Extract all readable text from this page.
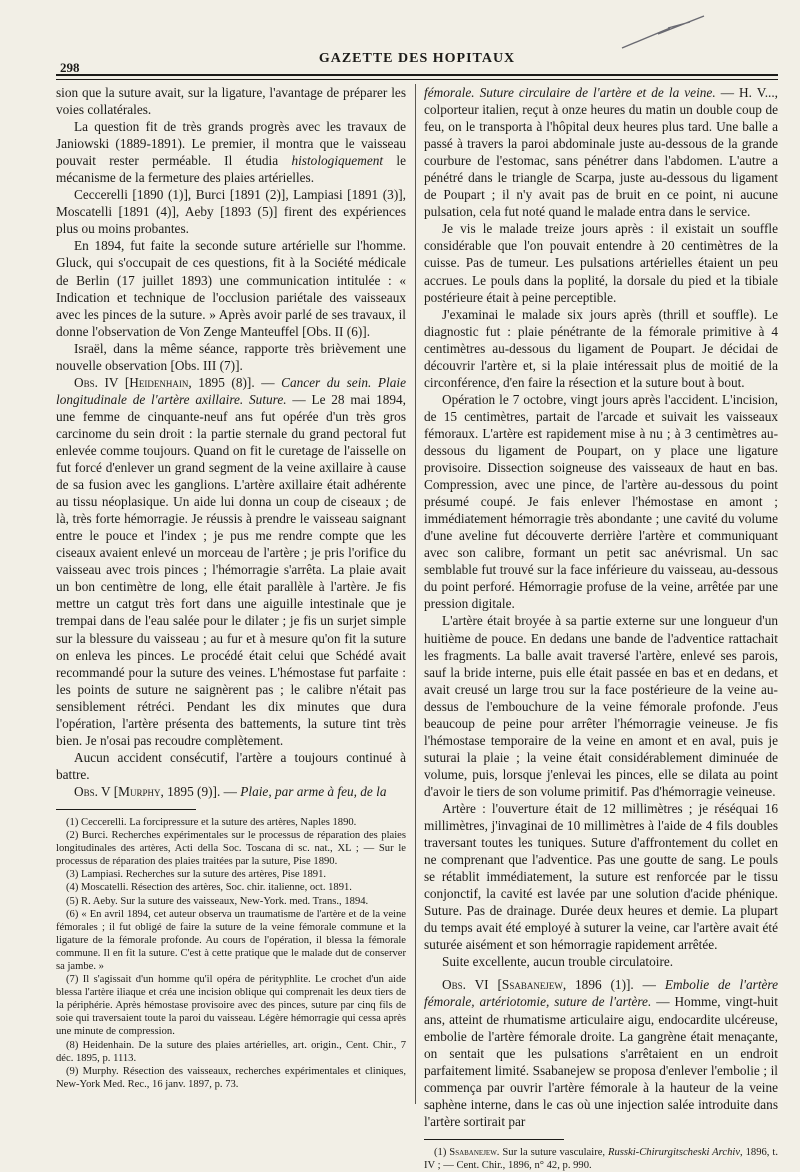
298
GAZETTE DES HOPITAUX

sion que la suture avait, sur la ligature, l'avantage de préparer les voies collatérales.

La question fit de très grands progrès avec les travaux de Janiowski (1889-1891). Le premier, il montra que le vaisseau pouvait rester perméable. Il étudia histologiquement le mécanisme de la fermeture des plaies artérielles.

Ceccerelli [1890 (1)], Burci [1891 (2)], Lampiasi [1891 (3)], Moscatelli [1891 (4)], Aeby [1893 (5)] firent des expériences plus ou moins probantes.

En 1894, fut faite la seconde suture artérielle sur l'homme. Gluck, qui s'occupait de ces questions, fit à la Société médicale de Berlin (17 juillet 1893) une communication intitulée : « Indication et technique de l'occlusion pariétale des vaisseaux avec les pinces de la suture. » Après avoir parlé de ses travaux, il donne l'observation de Von Zenge Manteuffel [Obs. II (6)].

Israël, dans la même séance, rapporte très brièvement une nouvelle observation [Obs. III (7)].

Obs. IV [Heidenhain, 1895 (8)]. — Cancer du sein. Plaie longitudinale de l'artère axillaire. Suture. — Le 28 mai 1894, une femme de cinquante-neuf ans fut opérée d'un très gros carcinome du sein droit : la partie sternale du grand pectoral fut enlevée comme toujours. Quand on fit le curetage de l'aisselle on fut forcé d'enlever un grand segment de la veine axillaire à cause de sa fusion avec les ganglions. L'artère axillaire était adhérente au tissu néoplasique. Un aide lui donna un coup de ciseaux ; de là, très forte hémorragie. Je réussis à prendre le vaisseau saignant entre le pouce et l'index ; je pus me rendre compte que les ciseaux avaient enlevé un morceau de l'artère ; je pris l'orifice du vaisseau avec trois pinces ; l'hémorragie s'arrêta. La plaie avait un bon centimètre de long, elle était parallèle à l'artère. Je fis mettre un catgut très fort dans une aiguille intestinale que je trempai dans de l'eau salée pour le dilater ; je fis un surjet simple sur la blessure du vaisseau ; au fur et à mesure qu'on fit la suture on enleva les pinces. Le procédé était celui que Schédé avait recommandé pour la suture des veines. L'hémostase fut parfaite : les points de suture ne saignèrent pas ; le calibre n'était pas sensiblement rétréci. Pendant les dix minutes que dura l'opération, l'artère présenta des battements, la suture tint très bien. Je n'osai pas recoudre complètement.

Aucun accident consécutif, l'artère a toujours continué à battre.

Obs. V [Murphy, 1895 (9)]. — Plaie, par arme à feu, de la

(1) Ceccerelli. La forcipressure et la suture des artères, Naples 1890.

(2) Burci. Recherches expérimentales sur le processus de réparation des plaies longitudinales des artères, Acti della Soc. Toscana di sc. nat., XL ; — Sur le processus de réparation des plaies traitées par la suture, Pise 1890.

(3) Lampiasi. Recherches sur la suture des artères, Pise 1891.

(4) Moscatelli. Résection des artères, Soc. chir. italienne, oct. 1891.

(5) R. Aeby. Sur la suture des vaisseaux, New-York. med. Trans., 1894.

(6) « En avril 1894, cet auteur observa un traumatisme de l'artère et de la veine fémorales ; il fut obligé de faire la suture de la veine fémorale commune et la ligature de la fémorale profonde. Au cours de l'opération, il blessa la fémorale commune. Il en fit la suture. C'est à cette pratique que le malade dut de conserver sa jambe. »

(7) Il s'agissait d'un homme qu'il opéra de pérityphlite. Le crochet d'un aide blessa l'artère iliaque et créa une incision oblique qui comprenait les deux tiers de la périphérie. Après hémostase provisoire avec des pinces, suture par cinq fils de soie qui traversaient toute la paroi du vaisseau. Légère hémorragie qui cessa après une minute de compression.

(8) Heidenhain. De la suture des plaies artérielles, art. origin., Cent. Chir., 7 déc. 1895, p. 1113.

(9) Murphy. Résection des vaisseaux, recherches expérimentales et cliniques, New-York Med. Rec., 16 janv. 1897, p. 73.

fémorale. Suture circulaire de l'artère et de la veine. — H. V..., colporteur italien, reçut à onze heures du matin un double coup de feu, on le transporta à l'hôpital deux heures plus tard. Une balle a passé à travers la paroi abdominale juste au-dessous de la grande courbure de l'estomac, sans pénétrer dans l'abdomen. L'autre a pénétré dans le triangle de Scarpa, juste au-dessous du ligament de Poupart ; il n'y avait pas de bruit en ce point, ni aucune pulsation, cela fut noté quand le malade entra dans le service.

Je vis le malade treize jours après : il existait un souffle considérable que l'on pouvait entendre à 20 centimètres de la cuisse. Pas de tumeur. Les pulsations artérielles étaient un peu accrues. Le pouls dans la poplité, la dorsale du pied et la tibiale postérieure était à peine perceptible.

J'examinai le malade six jours après (thrill et souffle). Le diagnostic fut : plaie pénétrante de la fémorale primitive à 4 centimètres au-dessous du ligament de Poupart. Je décidai de découvrir l'artère et, si la plaie intéressait plus de moitié de la circonférence, d'en faire la résection et la suture bout à bout.

Opération le 7 octobre, vingt jours après l'accident. L'incision, de 15 centimètres, partait de l'arcade et suivait les vaisseaux fémoraux. L'artère est rapidement mise à nu ; à 3 centimètres au-dessous du ligament de Poupart, on y place une ligature provisoire. Dissection soigneuse des vaisseaux de haut en bas. Compression, avec une pince, de l'artère au-dessous du point présumé coupé. Je fais enlever l'hémostase en amont ; immédiatement hémorragie très abondante ; une cavité du volume d'une aveline fut découverte derrière l'artère et communiquant avec son calibre, formant un petit sac anévrismal. Un sac semblable fut trouvé sur la face inférieure du vaisseau, au-dessous du point perforé. Hémorragie profuse de la veine, arrêtée par une pression digitale.

L'artère était broyée à sa partie externe sur une longueur d'un huitième de pouce. En dedans une bande de l'adventice rattachait les fragments. La balle avait traversé l'artère, enlevé ses parois, sauf la bride interne, puis elle était passée en bas et en dedans, et avait creusé un large trou sur la face postérieure de la veine au-dessus de l'embouchure de la veine fémorale profonde. J'eus beaucoup de peine pour arrêter l'hémorragie veineuse. Je fis l'hémostase temporaire de la veine en amont et en aval, puis je suturai la plaie ; la veine était considérablement diminuée de volume, puis, lorsque j'enlevai les pinces, elle se dilata au point d'avoir le tiers de son volume primitif. Pas d'hémorragie veineuse.

Artère : l'ouverture était de 12 millimètres ; je réséquai 16 millimètres, j'invaginai de 10 millimètres à l'aide de 4 fils doubles traversant toutes les tuniques. Suture d'affrontement du collet en ne comprenant que l'adventice. Pas une goutte de sang. Le pouls se rétablit immédiatement, la suture est renforcée par le tissu conjonctif, la cavité est lavée par une solution d'acide phénique. Suture. Pas de drainage. Durée deux heures et demie. La plupart du temps avait été employé à suturer la veine, car l'artère avait été suturée aisément et son hémorragie rapidement arrêtée.

Suite excellente, aucun trouble circulatoire.

Obs. VI [Ssabanejew, 1896 (1)]. — Embolie de l'artère fémorale, artériotomie, suture de l'artère. — Homme, vingt-huit ans, atteint de rhumatisme articulaire aigu, endocardite ulcéreuse, embolie de l'artère fémorale droite. La gangrène était menaçante, on sentait que les pulsations s'arrêtaient en un endroit parfaitement limité. Ssabanejew se proposa d'enlever l'embolie ; il commença par ouvrir l'artère fémorale à la hauteur de la veine saphène interne, dans le cas où une injection salée introduite dans l'artère sortirait par

(1) Ssabanejew. Sur la suture vasculaire, Russki-Chirurgitscheski Archiv, 1896, t. IV ; — Cent. Chir., 1896, n° 42, p. 990.
